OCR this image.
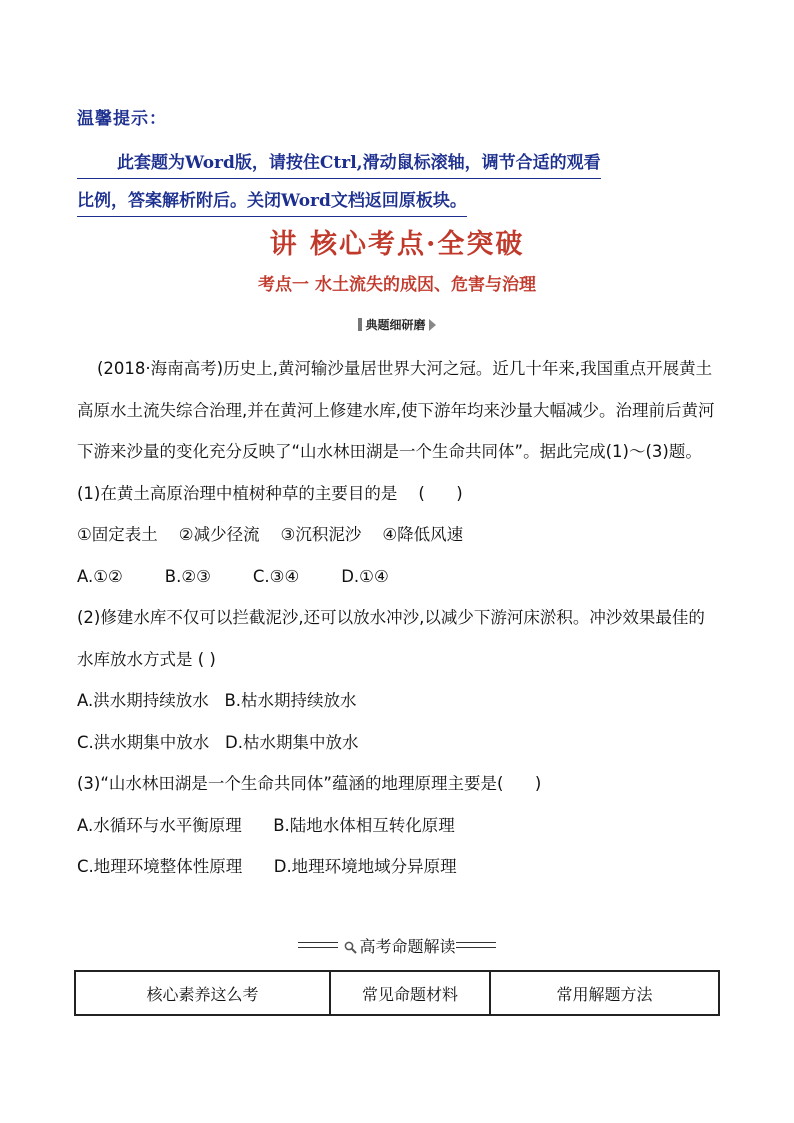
温馨提示：
此套题为Word版，请按住Ctrl,滑动鼠标滚轴，调节合适的观看
比例，答案解析附后。关闭Word文档返回原板块。
讲 核心考点·全突破
考点一 水土流失的成因、危害与治理
典题细研磨

(2018·海南高考)历史上,黄河输沙量居世界大河之冠。近几十年来,我国重点开展黄土高原水土流失综合治理,并在黄河上修建水库,使下游年均来沙量大幅减少。治理前后黄河下游来沙量的变化充分反映了“山水林田湖是一个生命共同体”。据此完成(1)～(3)题。

(1)在黄土高原治理中植树种草的主要目的是    (      )

①固定表土    ②减少径流    ③沉积泥沙    ④降低风速

A.①②        B.②③        C.③④        D.①④

(2)修建水库不仅可以拦截泥沙,还可以放水冲沙,以减少下游河床淤积。冲沙效果最佳的水库放水方式是 ( )

A.洪水期持续放水   B.枯水期持续放水

C.洪水期集中放水   D.枯水期集中放水

(3)“山水林田湖是一个生命共同体”蕴涵的地理原理主要是(      )

A.水循环与水平衡原理      B.陆地水体相互转化原理

C.地理环境整体性原理      D.地理环境地域分异原理

高考命题解读
核心素养这么考	常见命题材料	常用解题方法
